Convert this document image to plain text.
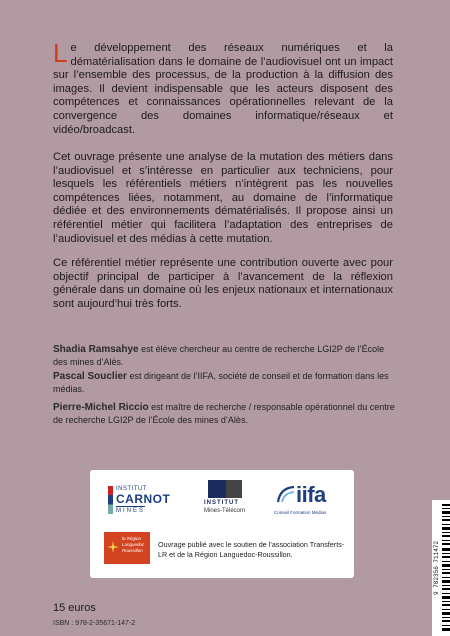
Le développement des réseaux numériques et la dématérialisation dans le domaine de l’audiovisuel ont un impact sur l’ensemble des processus, de la production à la diffusion des images. Il devient indispensable que les acteurs disposent des compétences et connaissances opérationnelles relevant de la convergence des domaines informatique/réseaux et vidéo/broadcast.

Cet ouvrage présente une analyse de la mutation des métiers dans l’audiovisuel et s’intéresse en particulier aux techniciens, pour lesquels les référentiels métiers n’intègrent pas les nouvelles compétences liées, notamment, au domaine de l’informatique dédiée et des environnements dématérialisés. Il propose ainsi un référentiel métier qui facilitera l’adaptation des entreprises de l’audiovisuel et des médias à cette mutation.

Ce référentiel métier représente une contribution ouverte avec pour objectif principal de participer à l’avancement de la réflexion générale dans un domaine où les enjeux nationaux et internationaux sont aujourd’hui très forts.

Shadia Ramsahye est élève chercheur au centre de recherche LGI2P de l’École des mines d’Alès.

Pascal Souclier est dirigeant de l’IIFA, société de conseil et de formation dans les médias.

Pierre-Michel Riccio est maître de recherche / responsable opérationnel du centre de recherche LGI2P de l’École des mines d’Alès.

INSTITUT
CARNOT
MINES
INSTITUT
Mines-Télécom
iifa
Conseil Formation Médias
la Région Languedoc Roussillon

Ouvrage publié avec le soutien de l’association Transferts-LR et de la Région Languedoc-Roussillon.

15 euros
ISBN : 978-2-35671-147-2
9 782356 711472
